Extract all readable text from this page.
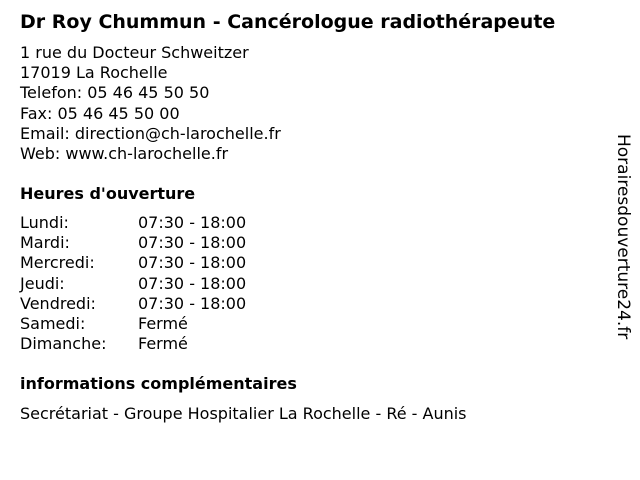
Dr Roy Chummun - Cancérologue radiothérapeute
1 rue du Docteur Schweitzer
17019 La Rochelle
Telefon: 05 46 45 50 50
Fax: 05 46 45 50 00
Email: direction@ch-larochelle.fr
Web: www.ch-larochelle.fr
Heures d'ouverture
Lundi:	07:30 - 18:00
Mardi:	07:30 - 18:00
Mercredi:	07:30 - 18:00
Jeudi:	07:30 - 18:00
Vendredi:	07:30 - 18:00
Samedi:	Fermé
Dimanche: Fermé
informations complémentaires
Secrétariat - Groupe Hospitalier La Rochelle - Ré - Aunis
Horairesdouverture24.fr
